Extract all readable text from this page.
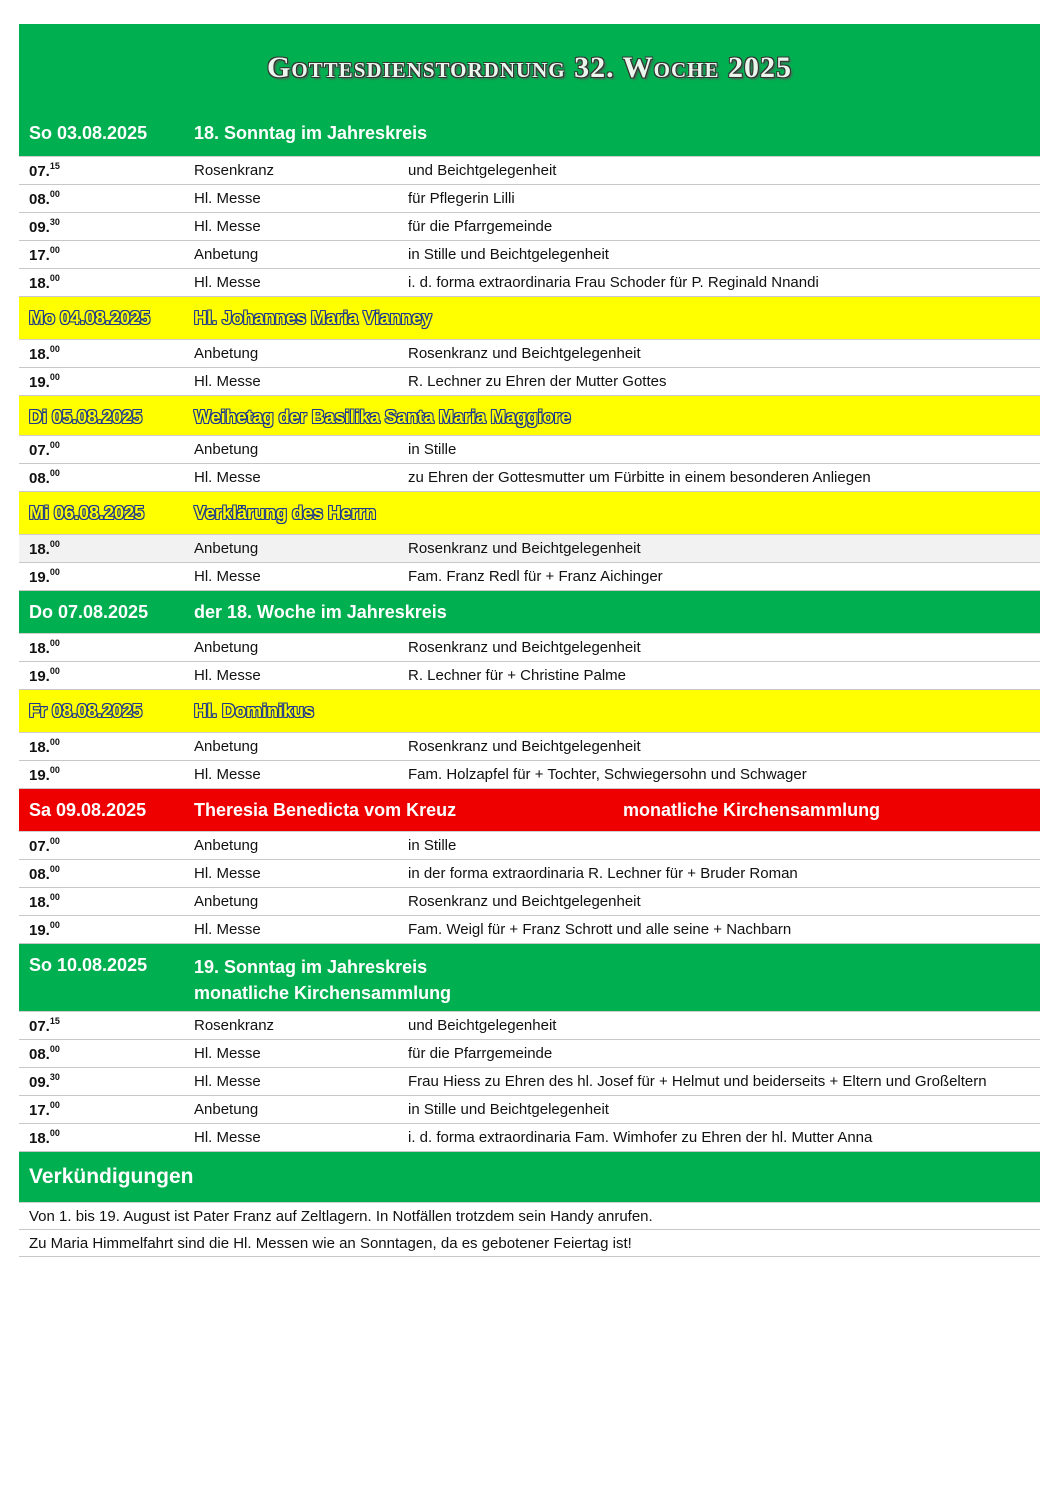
Gottesdienstordnung 32. Woche 2025
So 03.08.2025	18. Sonntag im Jahreskreis
07.15	Rosenkranz	und Beichtgelegenheit
08.00	Hl. Messe	für Pflegerin Lilli
09.30	Hl. Messe	für die Pfarrgemeinde
17.00	Anbetung	in Stille und Beichtgelegenheit
18.00	Hl. Messe	i. d. forma extraordinaria Frau Schoder für P. Reginald Nnandi
Mo 04.08.2025	Hl. Johannes Maria Vianney
18.00	Anbetung	Rosenkranz und Beichtgelegenheit
19.00	Hl. Messe	R. Lechner zu Ehren der Mutter Gottes
Di 05.08.2025	Weihetag der Basilika Santa Maria Maggiore
07.00	Anbetung	in Stille
08.00	Hl. Messe	zu Ehren der Gottesmutter um Fürbitte in einem besonderen Anliegen
Mi 06.08.2025	Verklärung des Herrn
18.00	Anbetung	Rosenkranz und Beichtgelegenheit
19.00	Hl. Messe	Fam. Franz Redl für + Franz Aichinger
Do 07.08.2025	der 18. Woche im Jahreskreis
18.00	Anbetung	Rosenkranz und Beichtgelegenheit
19.00	Hl. Messe	R. Lechner für + Christine Palme
Fr 08.08.2025	Hl. Dominikus
18.00	Anbetung	Rosenkranz und Beichtgelegenheit
19.00	Hl. Messe	Fam. Holzapfel für + Tochter, Schwiegersohn und Schwager
Sa 09.08.2025	Theresia Benedicta vom Kreuz	monatliche Kirchensammlung
07.00	Anbetung	in Stille
08.00	Hl. Messe	in der forma extraordinaria R. Lechner für + Bruder Roman
18.00	Anbetung	Rosenkranz und Beichtgelegenheit
19.00	Hl. Messe	Fam. Weigl für + Franz Schrott und alle seine + Nachbarn
So 10.08.2025	19. Sonntag im Jahreskreis
monatliche Kirchensammlung
07.15	Rosenkranz	und Beichtgelegenheit
08.00	Hl. Messe	für die Pfarrgemeinde
09.30	Hl. Messe	Frau Hiess zu Ehren des hl. Josef für + Helmut und beiderseits + Eltern und Großeltern
17.00	Anbetung	in Stille und Beichtgelegenheit
18.00	Hl. Messe	i. d. forma extraordinaria Fam. Wimhofer zu Ehren der hl. Mutter Anna
Verkündigungen
Von 1. bis 19. August ist Pater Franz auf Zeltlagern. In Notfällen trotzdem sein Handy anrufen.
Zu Maria Himmelfahrt sind die Hl. Messen wie an Sonntagen, da es gebotener Feiertag ist!
